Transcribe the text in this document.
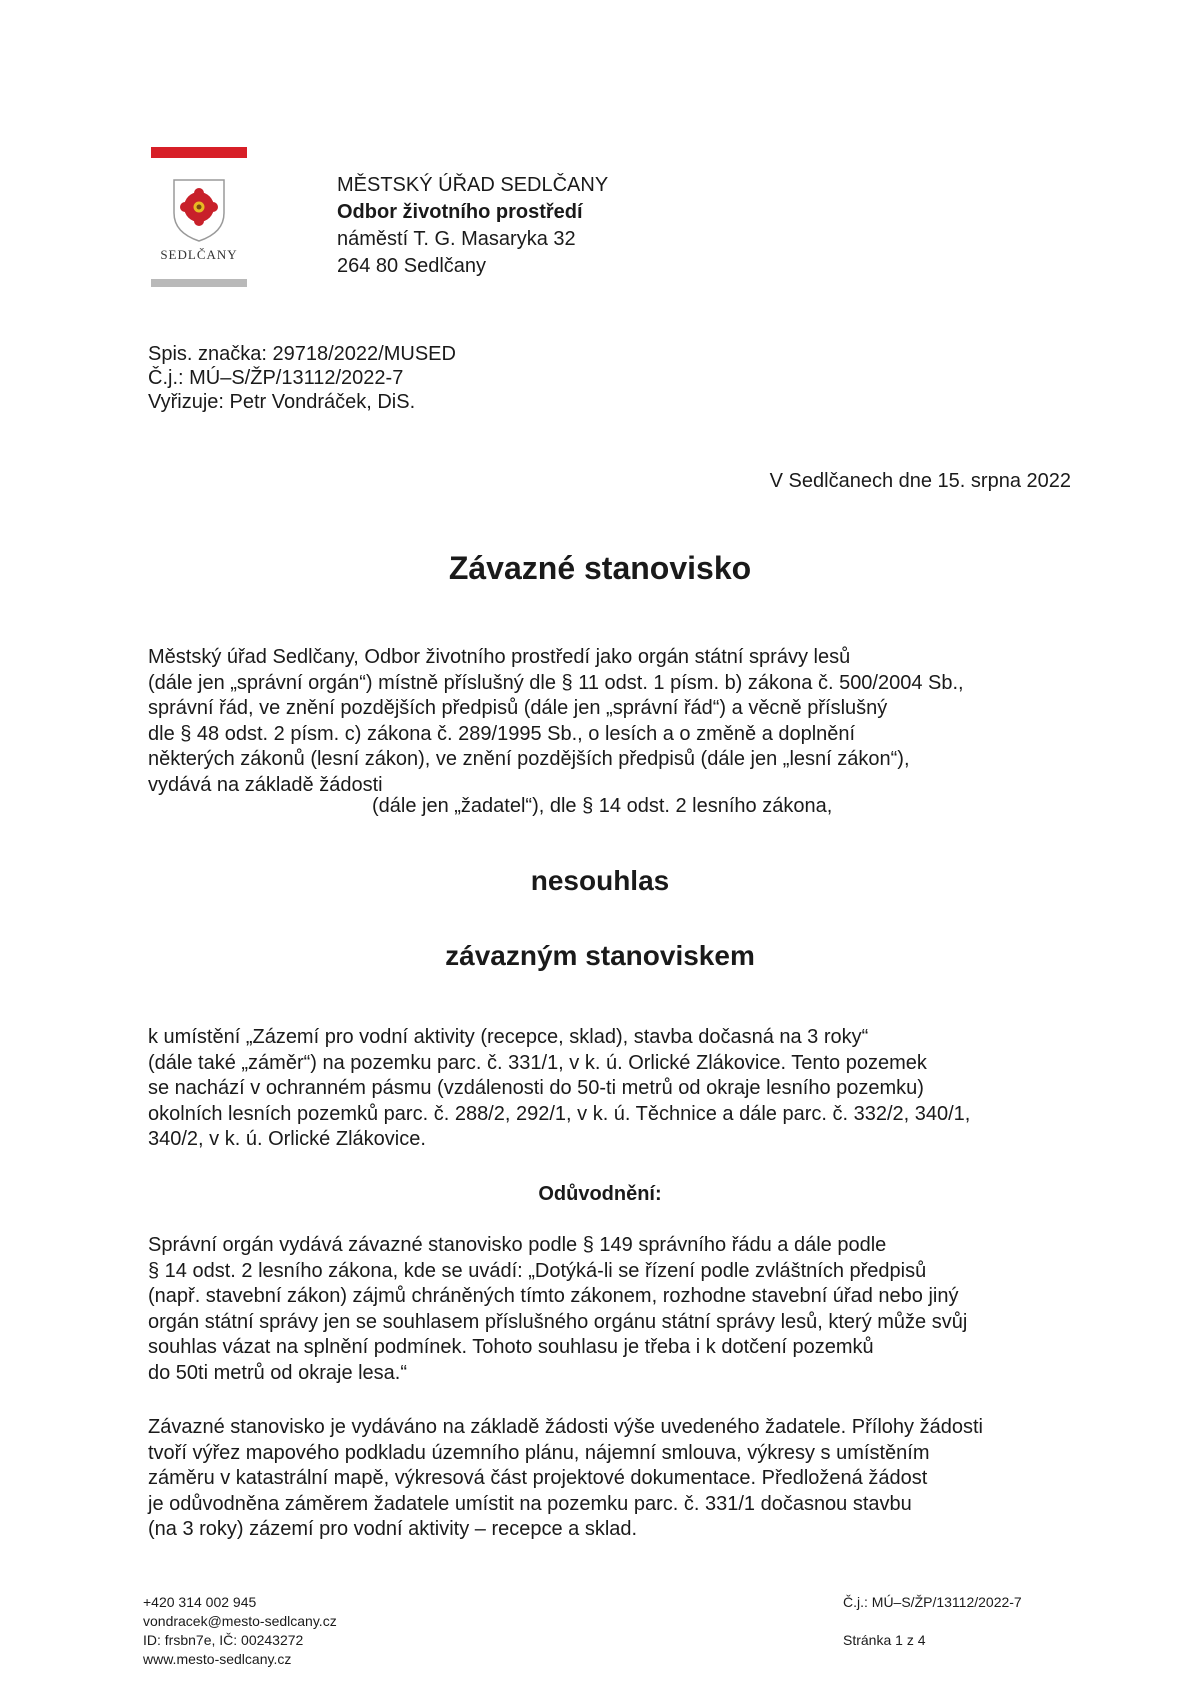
SEDLČANY
MĚSTSKÝ ÚŘAD SEDLČANY
Odbor životního prostředí
náměstí T. G. Masaryka 32
264 80 Sedlčany
Spis. značka: 29718/2022/MUSED
Č.j.: MÚ–S/ŽP/13112/2022-7
Vyřizuje: Petr Vondráček, DiS.
V Sedlčanech dne 15. srpna 2022
Závazné stanovisko
Městský úřad Sedlčany, Odbor životního prostředí jako orgán státní správy lesů
(dále jen „správní orgán“) místně příslušný dle § 11 odst. 1 písm. b) zákona č. 500/2004 Sb.,
správní řád, ve znění pozdějších předpisů (dále jen „správní řád“) a věcně příslušný
dle § 48 odst. 2 písm. c) zákona č. 289/1995 Sb., o lesích a o změně a doplnění
některých zákonů (lesní zákon), ve znění pozdějších předpisů (dále jen „lesní zákon“),
vydává na základě žádosti
(dále jen „žadatel“), dle § 14 odst. 2 lesního zákona,
nesouhlas
závazným stanoviskem
k umístění „Zázemí pro vodní aktivity (recepce, sklad), stavba dočasná na 3 roky“
(dále také „záměr“) na pozemku parc. č. 331/1, v k. ú. Orlické Zlákovice. Tento pozemek
se nachází v ochranném pásmu (vzdálenosti do 50-ti metrů od okraje lesního pozemku)
okolních lesních pozemků parc. č. 288/2, 292/1, v k. ú. Těchnice a dále parc. č. 332/2, 340/1,
340/2, v k. ú. Orlické Zlákovice.
Odůvodnění:
Správní orgán vydává závazné stanovisko podle § 149 správního řádu a dále podle
§ 14 odst. 2 lesního zákona, kde se uvádí: „Dotýká-li se řízení podle zvláštních předpisů
(např. stavební zákon) zájmů chráněných tímto zákonem, rozhodne stavební úřad nebo jiný
orgán státní správy jen se souhlasem příslušného orgánu státní správy lesů, který může svůj
souhlas vázat na splnění podmínek. Tohoto souhlasu je třeba i k dotčení pozemků
do 50ti metrů od okraje lesa.“
Závazné stanovisko je vydáváno na základě žádosti výše uvedeného žadatele. Přílohy žádosti
tvoří výřez mapového podkladu územního plánu, nájemní smlouva, výkresy s umístěním
záměru v katastrální mapě, výkresová část projektové dokumentace. Předložená žádost
je odůvodněna záměrem žadatele umístit na pozemku parc. č. 331/1 dočasnou stavbu
(na 3 roky) zázemí pro vodní aktivity – recepce a sklad.
+420 314 002 945
vondracek@mesto-sedlcany.cz
ID: frsbn7e, IČ: 00243272
www.mesto-sedlcany.cz
Č.j.: MÚ–S/ŽP/13112/2022-7
Stránka 1 z 4
